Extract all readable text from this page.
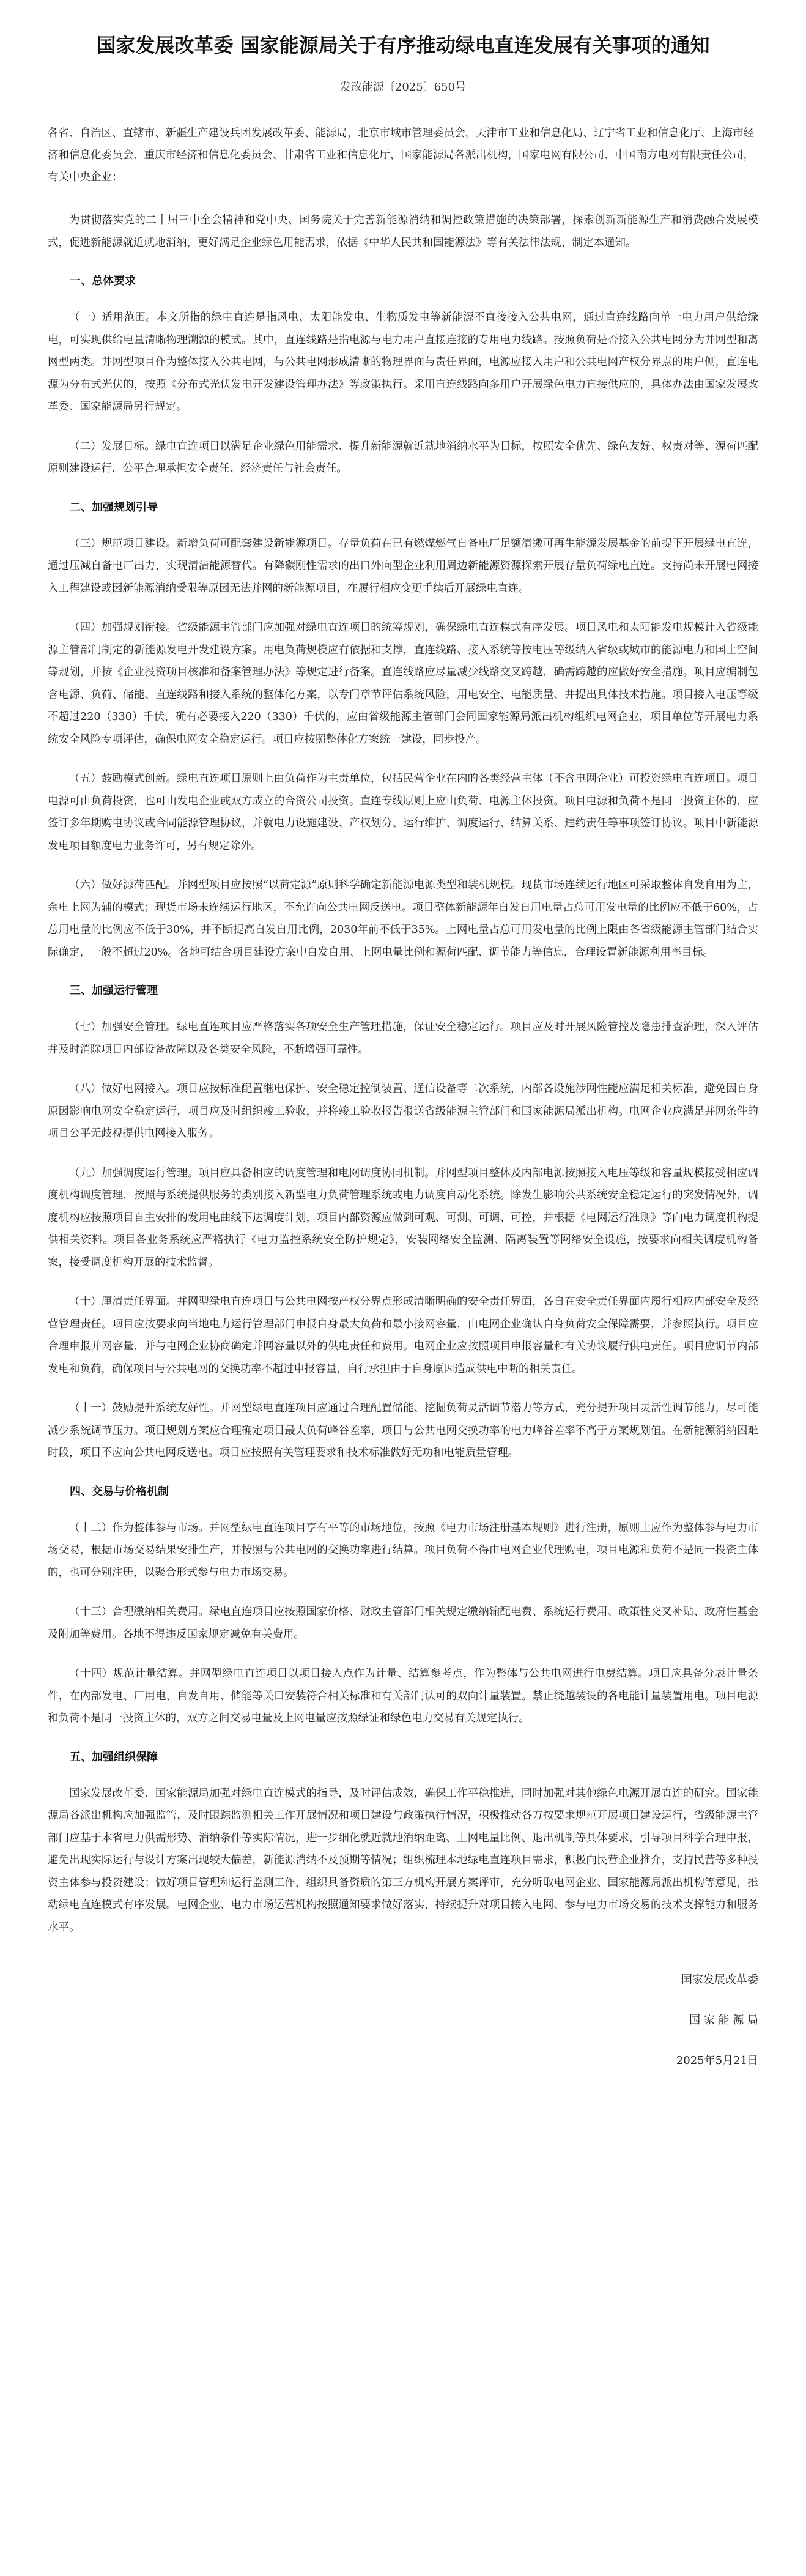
国家发展改革委 国家能源局关于有序推动绿电直连发展有关事项的通知
发改能源〔2025〕650号
各省、自治区、直辖市、新疆生产建设兵团发展改革委、能源局，北京市城市管理委员会，天津市工业和信息化局、辽宁省工业和信息化厅、上海市经济和信息化委员会、重庆市经济和信息化委员会、甘肃省工业和信息化厅，国家能源局各派出机构，国家电网有限公司、中国南方电网有限责任公司，有关中央企业：

为贯彻落实党的二十届三中全会精神和党中央、国务院关于完善新能源消纳和调控政策措施的决策部署，探索创新新能源生产和消费融合发展模式，促进新能源就近就地消纳，更好满足企业绿色用能需求，依据《中华人民共和国能源法》等有关法律法规，制定本通知。

一、总体要求

（一）适用范围。本文所指的绿电直连是指风电、太阳能发电、生物质发电等新能源不直接接入公共电网，通过直连线路向单一电力用户供给绿电，可实现供给电量清晰物理溯源的模式。其中，直连线路是指电源与电力用户直接连接的专用电力线路。按照负荷是否接入公共电网分为并网型和离网型两类。并网型项目作为整体接入公共电网，与公共电网形成清晰的物理界面与责任界面，电源应接入用户和公共电网产权分界点的用户侧，直连电源为分布式光伏的，按照《分布式光伏发电开发建设管理办法》等政策执行。采用直连线路向多用户开展绿色电力直接供应的，具体办法由国家发展改革委、国家能源局另行规定。

（二）发展目标。绿电直连项目以满足企业绿色用能需求、提升新能源就近就地消纳水平为目标，按照安全优先、绿色友好、权责对等、源荷匹配原则建设运行，公平合理承担安全责任、经济责任与社会责任。

二、加强规划引导

（三）规范项目建设。新增负荷可配套建设新能源项目。存量负荷在已有燃煤燃气自备电厂足额清缴可再生能源发展基金的前提下开展绿电直连，通过压减自备电厂出力，实现清洁能源替代。有降碳刚性需求的出口外向型企业利用周边新能源资源探索开展存量负荷绿电直连。支持尚未开展电网接入工程建设或因新能源消纳受限等原因无法并网的新能源项目，在履行相应变更手续后开展绿电直连。

（四）加强规划衔接。省级能源主管部门应加强对绿电直连项目的统筹规划，确保绿电直连模式有序发展。项目风电和太阳能发电规模计入省级能源主管部门制定的新能源发电开发建设方案。用电负荷规模应有依据和支撑，直连线路、接入系统等按电压等级纳入省级或城市的能源电力和国土空间等规划，并按《企业投资项目核准和备案管理办法》等规定进行备案。直连线路应尽量减少线路交叉跨越，确需跨越的应做好安全措施。项目应编制包含电源、负荷、储能、直连线路和接入系统的整体化方案，以专门章节评估系统风险，用电安全、电能质量、并提出具体技术措施。项目接入电压等级不超过220（330）千伏，确有必要接入220（330）千伏的，应由省级能源主管部门会同国家能源局派出机构组织电网企业，项目单位等开展电力系统安全风险专项评估，确保电网安全稳定运行。项目应按照整体化方案统一建设，同步投产。

（五）鼓励模式创新。绿电直连项目原则上由负荷作为主责单位，包括民营企业在内的各类经营主体（不含电网企业）可投资绿电直连项目。项目电源可由负荷投资，也可由发电企业或双方成立的合资公司投资。直连专线原则上应由负荷、电源主体投资。项目电源和负荷不是同一投资主体的，应签订多年期购电协议或合同能源管理协议，并就电力设施建设、产权划分、运行维护、调度运行、结算关系、违约责任等事项签订协议。项目中新能源发电项目额度电力业务许可，另有规定除外。

（六）做好源荷匹配。并网型项目应按照“以荷定源”原则科学确定新能源电源类型和装机规模。现货市场连续运行地区可采取整体自发自用为主，余电上网为辅的模式；现货市场未连续运行地区，不允许向公共电网反送电。项目整体新能源年自发自用电量占总可用发电量的比例应不低于60%，占总用电量的比例应不低于30%，并不断提高自发自用比例，2030年前不低于35%。上网电量占总可用发电量的比例上限由各省级能源主管部门结合实际确定，一般不超过20%。各地可结合项目建设方案中自发自用、上网电量比例和源荷匹配、调节能力等信息，合理设置新能源利用率目标。

三、加强运行管理

（七）加强安全管理。绿电直连项目应严格落实各项安全生产管理措施，保证安全稳定运行。项目应及时开展风险管控及隐患排查治理，深入评估并及时消除项目内部设备故障以及各类安全风险，不断增强可靠性。

（八）做好电网接入。项目应按标准配置继电保护、安全稳定控制装置、通信设备等二次系统，内部各设施涉网性能应满足相关标准，避免因自身原因影响电网安全稳定运行，项目应及时组织竣工验收，并将竣工验收报告报送省级能源主管部门和国家能源局派出机构。电网企业应满足并网条件的项目公平无歧视提供电网接入服务。

（九）加强调度运行管理。项目应具备相应的调度管理和电网调度协同机制。并网型项目整体及内部电源按照接入电压等级和容量规模接受相应调度机构调度管理，按照与系统提供服务的类别接入新型电力负荷管理系统或电力调度自动化系统。除发生影响公共系统安全稳定运行的突发情况外，调度机构应按照项目自主安排的发用电曲线下达调度计划，项目内部资源应做到可观、可测、可调、可控，并根据《电网运行准则》等向电力调度机构提供相关资料。项目各业务系统应严格执行《电力监控系统安全防护规定》，安装网络安全监测、隔离装置等网络安全设施，按要求向相关调度机构备案，接受调度机构开展的技术监督。

（十）厘清责任界面。并网型绿电直连项目与公共电网按产权分界点形成清晰明确的安全责任界面，各自在安全责任界面内履行相应内部安全及经营管理责任。项目应按要求向当地电力运行管理部门申报自身最大负荷和最小接网容量，由电网企业确认自身负荷安全保障需要，并参照执行。项目应合理申报并网容量，并与电网企业协商确定并网容量以外的供电责任和费用。电网企业应按照项目申报容量和有关协议履行供电责任。项目应调节内部发电和负荷，确保项目与公共电网的交换功率不超过申报容量，自行承担由于自身原因造成供电中断的相关责任。

（十一）鼓励提升系统友好性。并网型绿电直连项目应通过合理配置储能、挖掘负荷灵活调节潜力等方式，充分提升项目灵活性调节能力，尽可能减少系统调节压力。项目规划方案应合理确定项目最大负荷峰谷差率，项目与公共电网交换功率的电力峰谷差率不高于方案规划值。在新能源消纳困难时段，项目不应向公共电网反送电。项目应按照有关管理要求和技术标准做好无功和电能质量管理。

四、交易与价格机制

（十二）作为整体参与市场。并网型绿电直连项目享有平等的市场地位，按照《电力市场注册基本规则》进行注册，原则上应作为整体参与电力市场交易，根据市场交易结果安排生产，并按照与公共电网的交换功率进行结算。项目负荷不得由电网企业代理购电，项目电源和负荷不是同一投资主体的，也可分别注册，以聚合形式参与电力市场交易。

（十三）合理缴纳相关费用。绿电直连项目应按照国家价格、财政主管部门相关规定缴纳输配电费、系统运行费用、政策性交叉补贴、政府性基金及附加等费用。各地不得违反国家规定减免有关费用。

（十四）规范计量结算。并网型绿电直连项目以项目接入点作为计量、结算参考点，作为整体与公共电网进行电费结算。项目应具备分表计量条件，在内部发电、厂用电、自发自用、储能等关口安装符合相关标准和有关部门认可的双向计量装置。禁止绕越装设的各电能计量装置用电。项目电源和负荷不是同一投资主体的，双方之间交易电量及上网电量应按照绿证和绿色电力交易有关规定执行。

五、加强组织保障

国家发展改革委、国家能源局加强对绿电直连模式的指导，及时评估成效，确保工作平稳推进，同时加强对其他绿色电源开展直连的研究。国家能源局各派出机构应加强监管，及时跟踪监测相关工作开展情况和项目建设与政策执行情况，积极推动各方按要求规范开展项目建设运行，省级能源主管部门应基于本省电力供需形势、消纳条件等实际情况，进一步细化就近就地消纳距离、上网电量比例、退出机制等具体要求，引导项目科学合理申报，避免出现实际运行与设计方案出现较大偏差，新能源消纳不及预期等情况；组织梳理本地绿电直连项目需求，积极向民营企业推介，支持民营等多种投资主体参与投资建设；做好项目管理和运行监测工作，组织具备资质的第三方机构开展方案评审，充分听取电网企业、国家能源局派出机构等意见，推动绿电直连模式有序发展。电网企业、电力市场运营机构按照通知要求做好落实，持续提升对项目接入电网、参与电力市场交易的技术支撑能力和服务水平。

国家发展改革委
国 家 能 源 局
2025年5月21日
